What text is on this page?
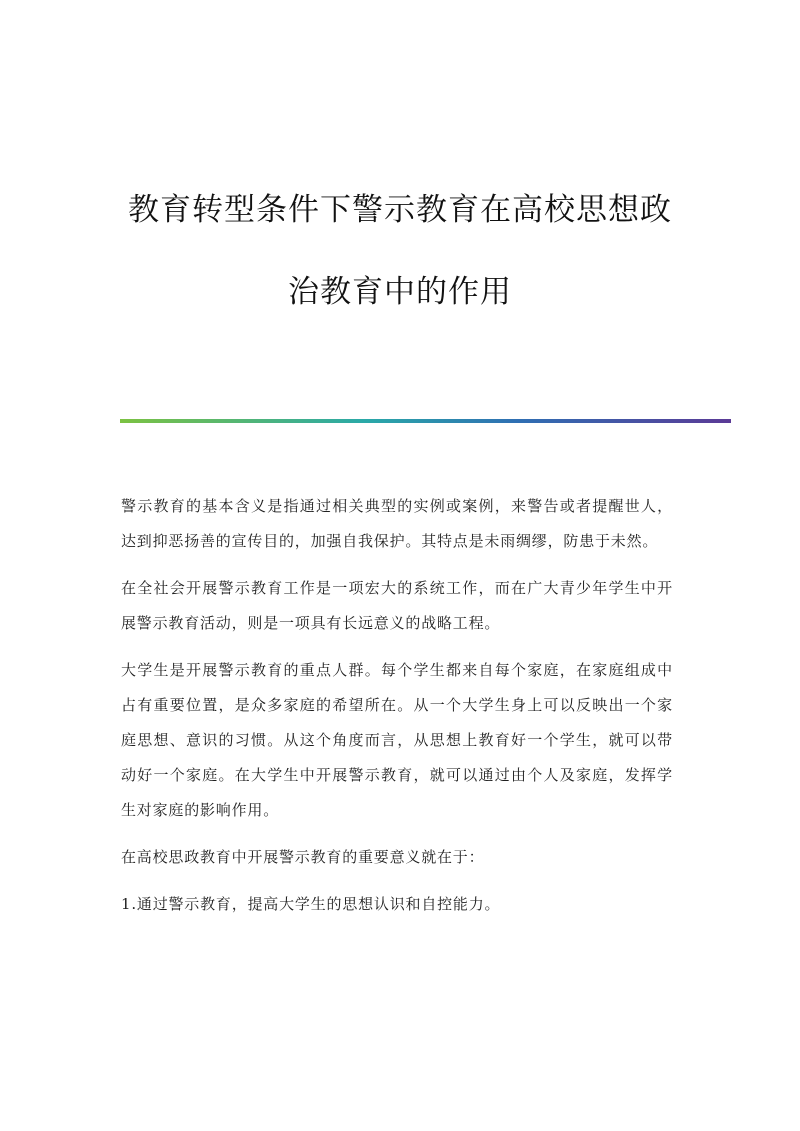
教育转型条件下警示教育在高校思想政
治教育中的作用

警示教育的基本含义是指通过相关典型的实例或案例，来警告或者提醒世人，达到抑恶扬善的宣传目的，加强自我保护。其特点是未雨绸缪，防患于未然。

在全社会开展警示教育工作是一项宏大的系统工作，而在广大青少年学生中开展警示教育活动，则是一项具有长远意义的战略工程。

大学生是开展警示教育的重点人群。每个学生都来自每个家庭，在家庭组成中占有重要位置，是众多家庭的希望所在。从一个大学生身上可以反映出一个家庭思想、意识的习惯。从这个角度而言，从思想上教育好一个学生，就可以带动好一个家庭。在大学生中开展警示教育，就可以通过由个人及家庭，发挥学生对家庭的影响作用。

在高校思政教育中开展警示教育的重要意义就在于：

1.通过警示教育，提高大学生的思想认识和自控能力。
